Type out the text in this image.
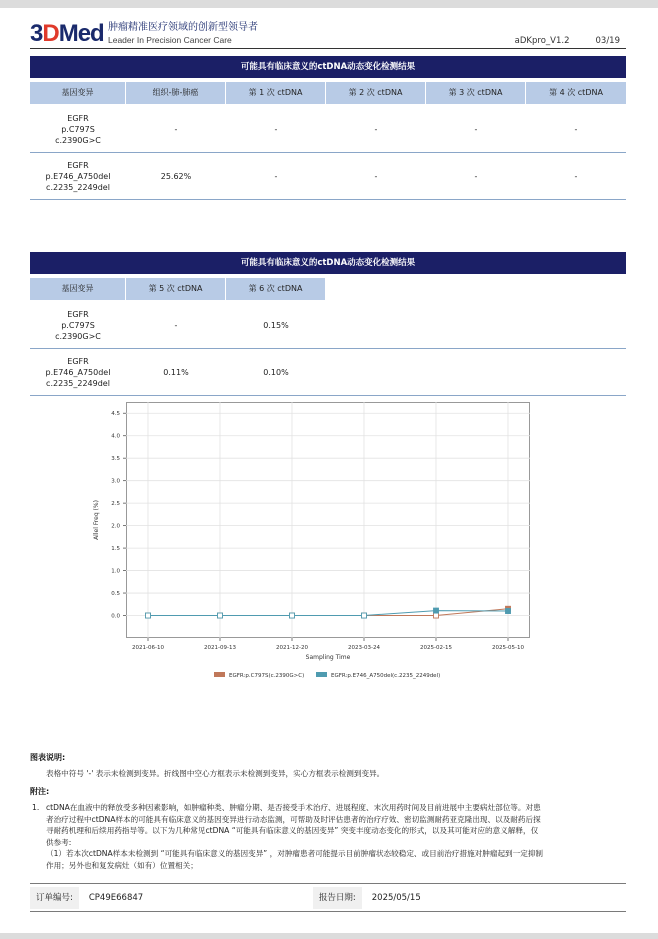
3DMed 肿瘤精准医疗领域的创新型领导者
Leader In Precision Cancer Care	aDKpro_V1.2	03/19
可能具有临床意义的ctDNA动态变化检测结果
基因变异	组织-肺-肺癌	第 1 次 ctDNA	第 2 次 ctDNA	第 3 次 ctDNA	第 4 次 ctDNA
EGFR
p.C797S
c.2390G>C
-	-	-	-	-
EGFR
p.E746_A750del
c.2235_2249del
25.62%	-	-	-	-
可能具有临床意义的ctDNA动态变化检测结果
基因变异	第 5 次 ctDNA	第 6 次 ctDNA
EGFR
p.C797S
c.2390G>C
-	0.15%
EGFR
p.E746_A750del
c.2235_2249del
0.11%	0.10%
0.0
0.5
1.0
1.5
2.0
2.5
3.0
3.5
4.0
4.5
2021-06-10	2021-09-13	2021-12-20	2023-03-24	2025-02-15	2025-05-10
Sampling Time
Allel Freq (%)
EGFR:p.C797S(c.2390G>C)	EGFR:p.E746_A750del(c.2235_2249del)
图表说明:
表格中符号 '-' 表示未检测到变异。折线图中空心方框表示未检测到变异，实心方框表示检测到变异。
附注:
1. ctDNA在血液中的释放受多种因素影响，如肿瘤种类、肿瘤分期、是否接受手术治疗、进展程度、末次用药时间及目前进展中主要病灶部位等。对患
者治疗过程中ctDNA样本的可能具有临床意义的基因变异进行动态监测，可帮助及时评估患者的治疗疗效、密切监测耐药亚克隆出现、以及耐药后探
寻耐药机理和后续用药指导等。以下为几种常见ctDNA “可能具有临床意义的基因变异” 突变丰度动态变化的形式，以及其可能对应的意义解释，仅
供参考:
（1）若本次ctDNA样本未检测到 “可能具有临床意义的基因变异” ，对肿瘤患者可能提示目前肿瘤状态较稳定、或目前治疗措施对肿瘤起到一定抑制
作用；另外也和复发病灶（如有）位置相关；
订单编号:	CP49E66847	报告日期:	2025/05/15
